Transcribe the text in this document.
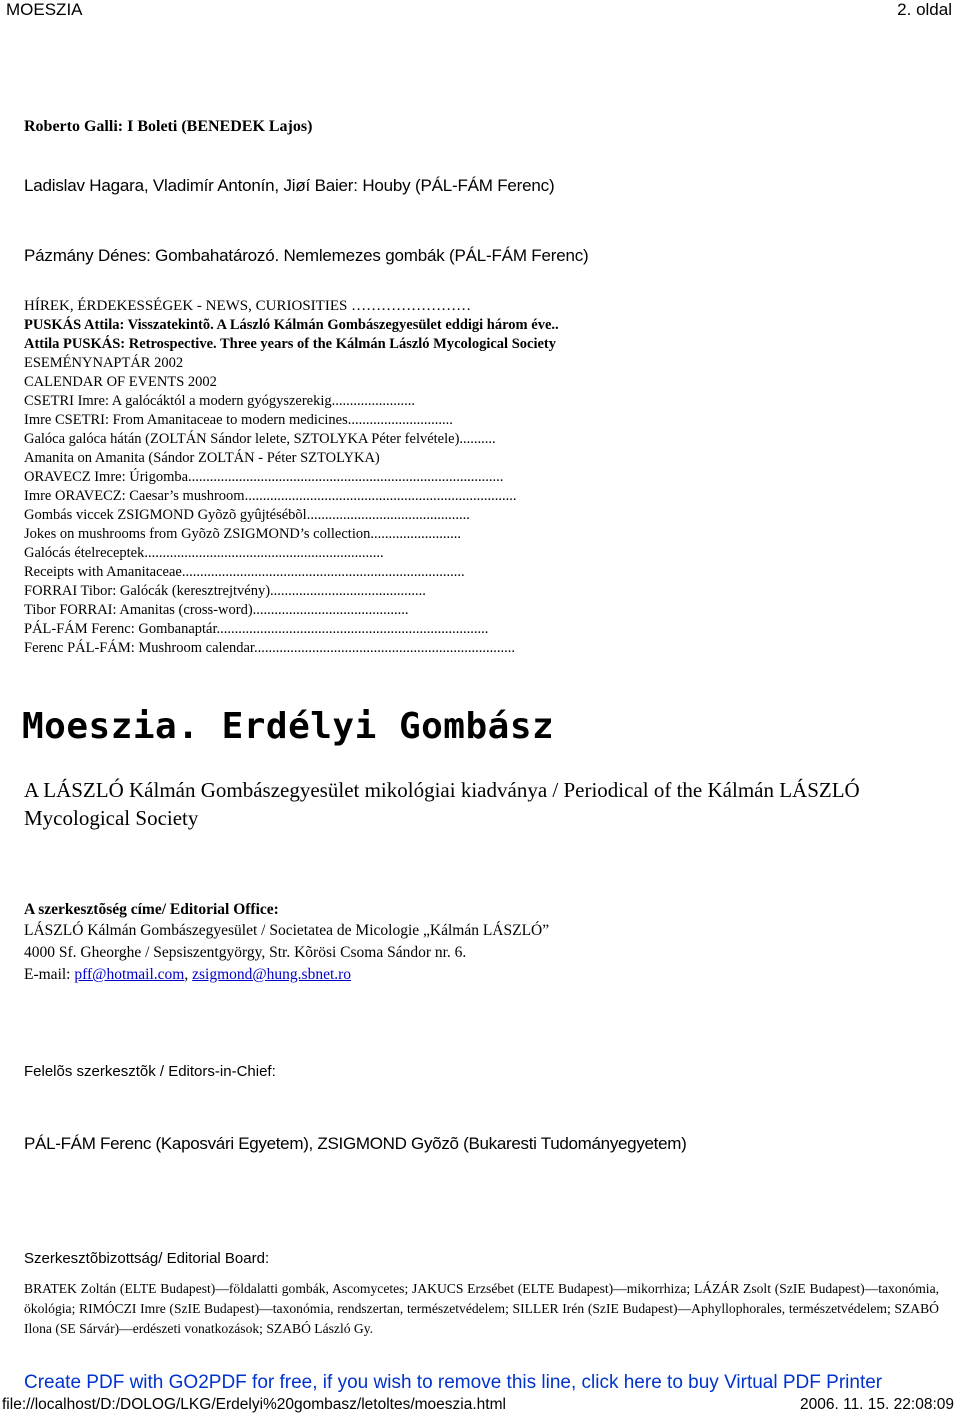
MOESZIA	2. oldal
Roberto Galli: I Boleti (BENEDEK Lajos)
Ladislav Hagara, Vladimír Antonín, Jiøí Baier: Houby (PÁL-FÁM Ferenc)
Pázmány Dénes: Gombahatározó. Nemlemezes gombák (PÁL-FÁM Ferenc)
HÍREK, ÉRDEKESSÉGEK - NEWS, CURIOSITIES ……………………
PUSKÁS Attila: Visszatekintõ. A László Kálmán Gombászegyesület eddigi három éve..
Attila PUSKÁS: Retrospective. Three years of the Kálmán László Mycological Society
ESEMÉNYNAPTÁR 2002
CALENDAR OF EVENTS 2002
CSETRI Imre: A galócáktól a modern gyógyszerekig.......................
Imre CSETRI: From Amanitaceae to modern medicines.............................
Galóca galóca hátán (ZOLTÁN Sándor lelete, SZTOLYKA Péter felvétele)..........
Amanita on Amanita (Sándor ZOLTÁN - Péter SZTOLYKA)
ORAVECZ Imre: Úrigomba.......................................................................................
Imre ORAVECZ: Caesar’s mushroom...........................................................................
Gombás viccek ZSIGMOND Gyõzõ gyûjtésébõl.............................................
Jokes on mushrooms from Gyõzõ ZSIGMOND’s collection.........................
Galócás ételreceptek..................................................................
Receipts with Amanitaceae..............................................................................
FORRAI Tibor: Galócák (keresztrejtvény)...........................................
Tibor FORRAI: Amanitas (cross-word)...........................................
PÁL-FÁM Ferenc: Gombanaptár...........................................................................
Ferenc PÁL-FÁM: Mushroom calendar........................................................................
Moeszia. Erdélyi Gombász
A LÁSZLÓ Kálmán Gombászegyesület mikológiai kiadványa / Periodical of the Kálmán LÁSZLÓ Mycological Society
A szerkesztõség címe/ Editorial Office:
LÁSZLÓ Kálmán Gombászegyesület / Societatea de Micologie „Kálmán LÁSZLÓ”
4000 Sf. Gheorghe / Sepsiszentgyörgy, Str. Kõrösi Csoma Sándor nr. 6.
E-mail: pff@hotmail.com, zsigmond@hung.sbnet.ro
Felelõs szerkesztõk / Editors-in-Chief:
PÁL-FÁM Ferenc (Kaposvári Egyetem), ZSIGMOND Gyõzõ (Bukaresti Tudományegyetem)
Szerkesztõbizottság/ Editorial Board:
BRATEK Zoltán (ELTE Budapest)—földalatti gombák, Ascomycetes; JAKUCS Erzsébet (ELTE Budapest)—mikorrhiza; LÁZÁR Zsolt (SzIE Budapest)—taxonómia, ökológia; RIMÓCZI Imre (SzIE Budapest)—taxonómia, rendszertan, természetvédelem; SILLER Irén (SzIE Budapest)—Aphyllophorales, természetvédelem; SZABÓ Ilona (SE Sárvár)—erdészeti vonatkozások; SZABÓ László Gy.
Create PDF with GO2PDF for free, if you wish to remove this line, click here to buy Virtual PDF Printer
file://localhost/D:/DOLOG/LKG/Erdelyi%20gombasz/letoltes/moeszia.html	2006. 11. 15. 22:08:09
